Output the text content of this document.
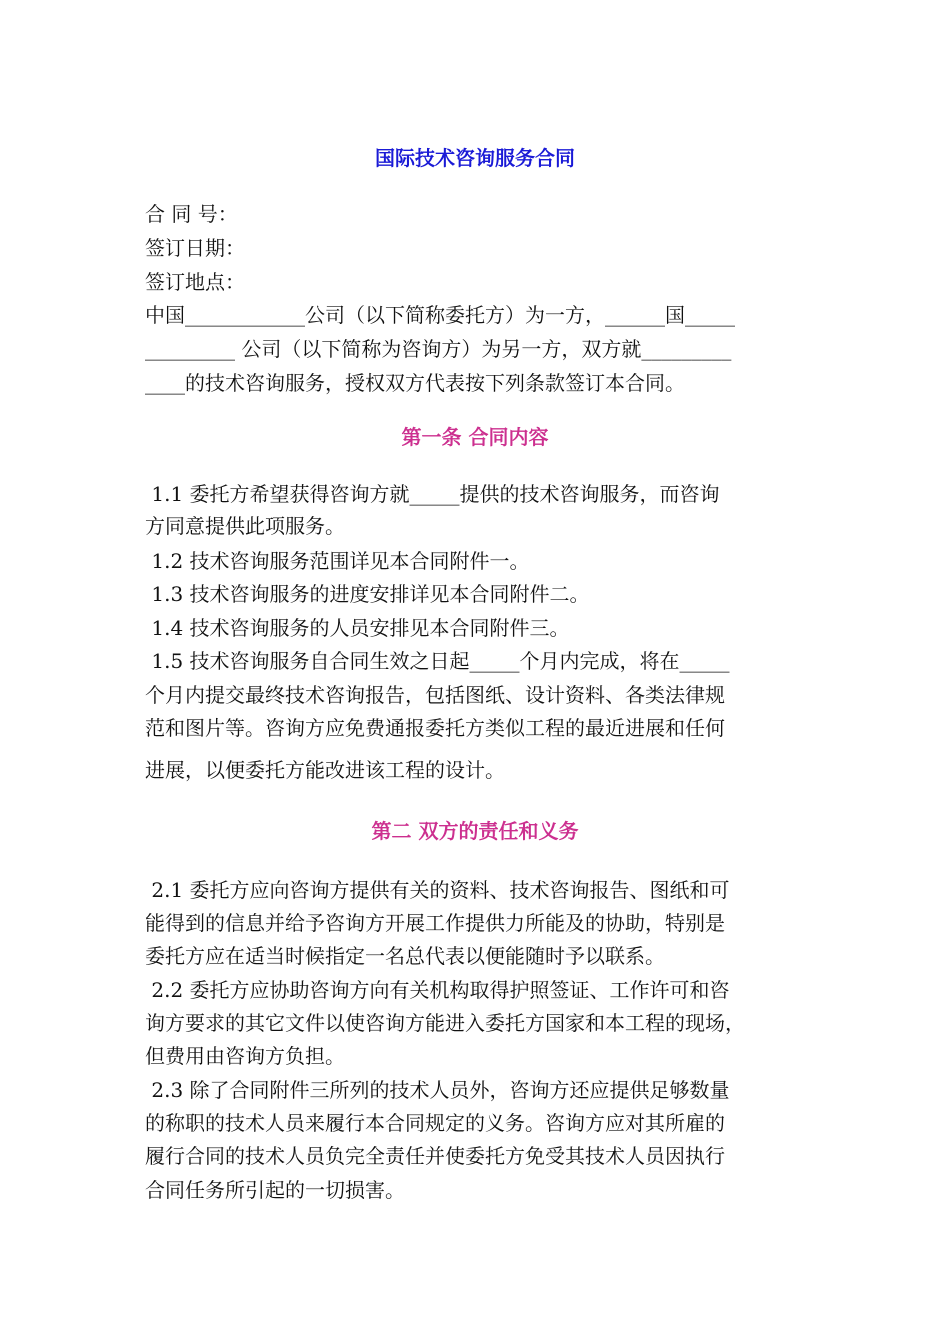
国际技术咨询服务合同
合 同 号：
签订日期：
签订地点：
中国____________公司（以下简称委托方）为一方，______国_____
_________ 公司（以下简称为咨询方）为另一方，双方就_________
____的技术咨询服务，授权双方代表按下列条款签订本合同。
第一条 合同内容
1.1 委托方希望获得咨询方就_____提供的技术咨询服务，而咨询
方同意提供此项服务。
1.2 技术咨询服务范围详见本合同附件一。
1.3 技术咨询服务的进度安排详见本合同附件二。
1.4 技术咨询服务的人员安排见本合同附件三。
1.5 技术咨询服务自合同生效之日起_____个月内完成，将在_____
个月内提交最终技术咨询报告，包括图纸、设计资料、各类法律规
范和图片等。咨询方应免费通报委托方类似工程的最近进展和任何
进展，以便委托方能改进该工程的设计。
第二 双方的责任和义务
2.1 委托方应向咨询方提供有关的资料、技术咨询报告、图纸和可
能得到的信息并给予咨询方开展工作提供力所能及的协助，特别是
委托方应在适当时候指定一名总代表以便能随时予以联系。
2.2 委托方应协助咨询方向有关机构取得护照签证、工作许可和咨
询方要求的其它文件以使咨询方能进入委托方国家和本工程的现场，
但费用由咨询方负担。
2.3 除了合同附件三所列的技术人员外，咨询方还应提供足够数量
的称职的技术人员来履行本合同规定的义务。咨询方应对其所雇的
履行合同的技术人员负完全责任并使委托方免受其技术人员因执行
合同任务所引起的一切损害。
